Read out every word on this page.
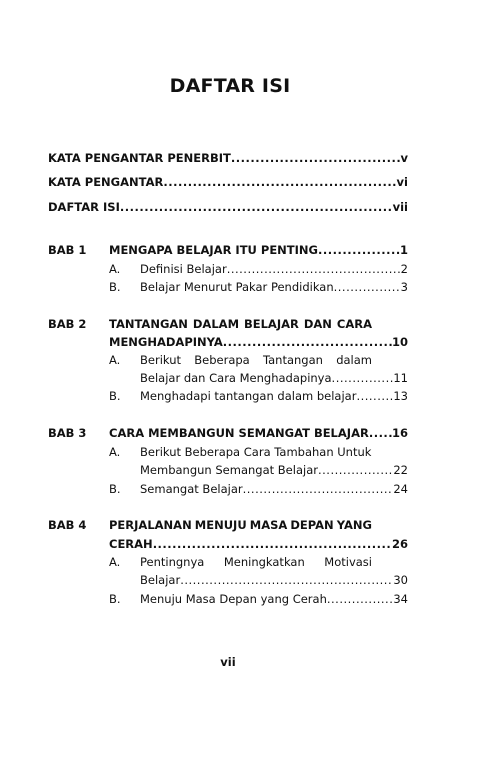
DAFTAR ISI
KATA PENGANTAR PENERBIT .....	v
KATA PENGANTAR .....	vi
DAFTAR ISI .....	vii
BAB 1 MENGAPA BELAJAR ITU PENTING .....	1
A. Definisi Belajar .....	2
B. Belajar Menurut Pakar Pendidikan .....	3
BAB 2 TANTANGAN DALAM BELAJAR DAN CARA
MENGHADAPINYA .....	10
A. Berikut Beberapa Tantangan dalam
Belajar dan Cara Menghadapinya .....	11
B. Menghadapi tantangan dalam belajar .....	13
BAB 3 CARA MEMBANGUN SEMANGAT BELAJAR ..... 16
A. Berikut Beberapa Cara Tambahan Untuk
Membangun Semangat Belajar .....	22
B. Semangat Belajar .....	24
BAB 4 PERJALANAN MENUJU MASA DEPAN YANG
CERAH .....	26
A. Pentingnya Meningkatkan Motivasi
Belajar .....	30
B. Menuju Masa Depan yang Cerah .....	34
vii
